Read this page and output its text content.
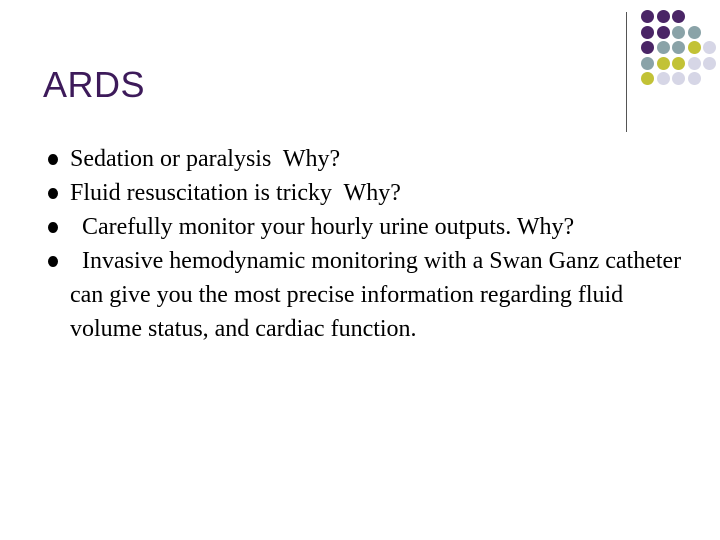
ARDS
Sedation or paralysis  Why?
Fluid resuscitation is tricky  Why?
Carefully monitor your hourly urine outputs. Why?
Invasive hemodynamic monitoring with a Swan Ganz catheter can give you the most precise information regarding fluid volume status, and cardiac function.
